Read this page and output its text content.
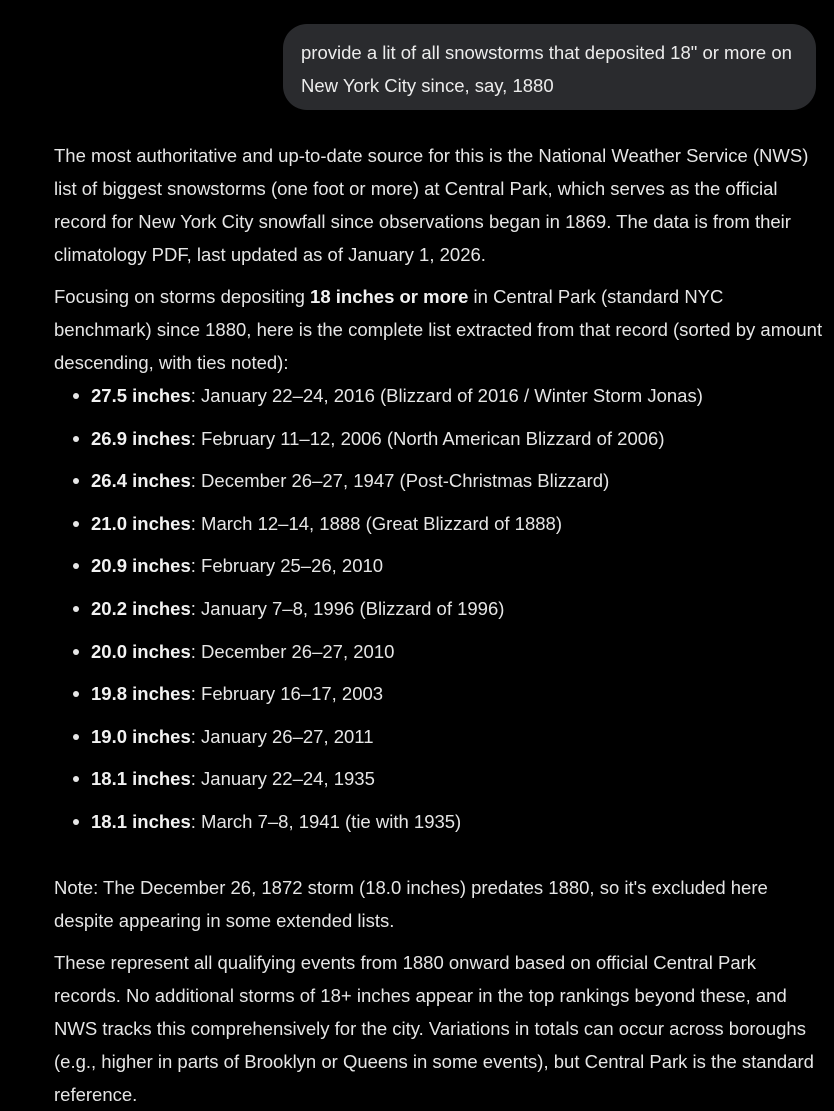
provide a lit of all snowstorms that deposited 18" or more on New York City since, say, 1880

The most authoritative and up-to-date source for this is the National Weather Service (NWS) list of biggest snowstorms (one foot or more) at Central Park, which serves as the official record for New York City snowfall since observations began in 1869. The data is from their climatology PDF, last updated as of January 1, 2026.

Focusing on storms depositing 18 inches or more in Central Park (standard NYC benchmark) since 1880, here is the complete list extracted from that record (sorted by amount descending, with ties noted):

27.5 inches: January 22–24, 2016 (Blizzard of 2016 / Winter Storm Jonas)
26.9 inches: February 11–12, 2006 (North American Blizzard of 2006)
26.4 inches: December 26–27, 1947 (Post-Christmas Blizzard)
21.0 inches: March 12–14, 1888 (Great Blizzard of 1888)
20.9 inches: February 25–26, 2010
20.2 inches: January 7–8, 1996 (Blizzard of 1996)
20.0 inches: December 26–27, 2010
19.8 inches: February 16–17, 2003
19.0 inches: January 26–27, 2011
18.1 inches: January 22–24, 1935
18.1 inches: March 7–8, 1941 (tie with 1935)

Note: The December 26, 1872 storm (18.0 inches) predates 1880, so it's excluded here despite appearing in some extended lists.

These represent all qualifying events from 1880 onward based on official Central Park records. No additional storms of 18+ inches appear in the top rankings beyond these, and NWS tracks this comprehensively for the city. Variations in totals can occur across boroughs (e.g., higher in parts of Brooklyn or Queens in some events), but Central Park is the standard reference.
